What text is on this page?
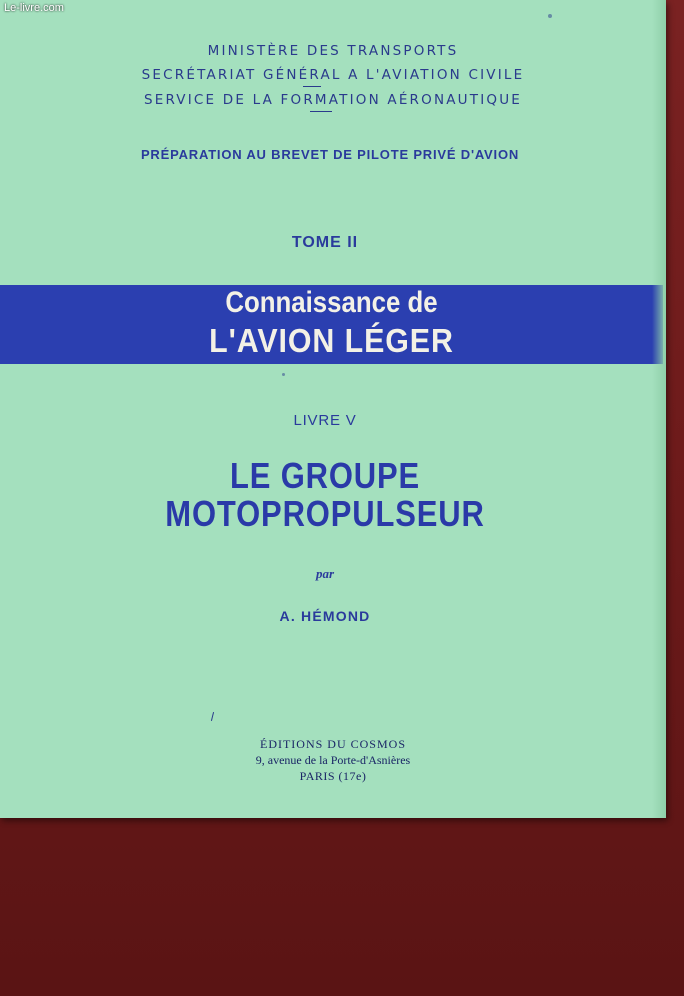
MINISTÈRE DES TRANSPORTS
SECRÉTARIAT GÉNÉRAL A L'AVIATION CIVILE
SERVICE DE LA FORMATION AÉRONAUTIQUE
PRÉPARATION AU BREVET DE PILOTE PRIVÉ D'AVION
TOME II
Connaissance de
L'AVION LÉGER
LIVRE V
LE GROUPE
MOTOPROPULSEUR
par
A. HÉMOND
ÉDITIONS DU COSMOS
9, avenue de la Porte-d'Asnières
PARIS (17e)
Le-livre.com
